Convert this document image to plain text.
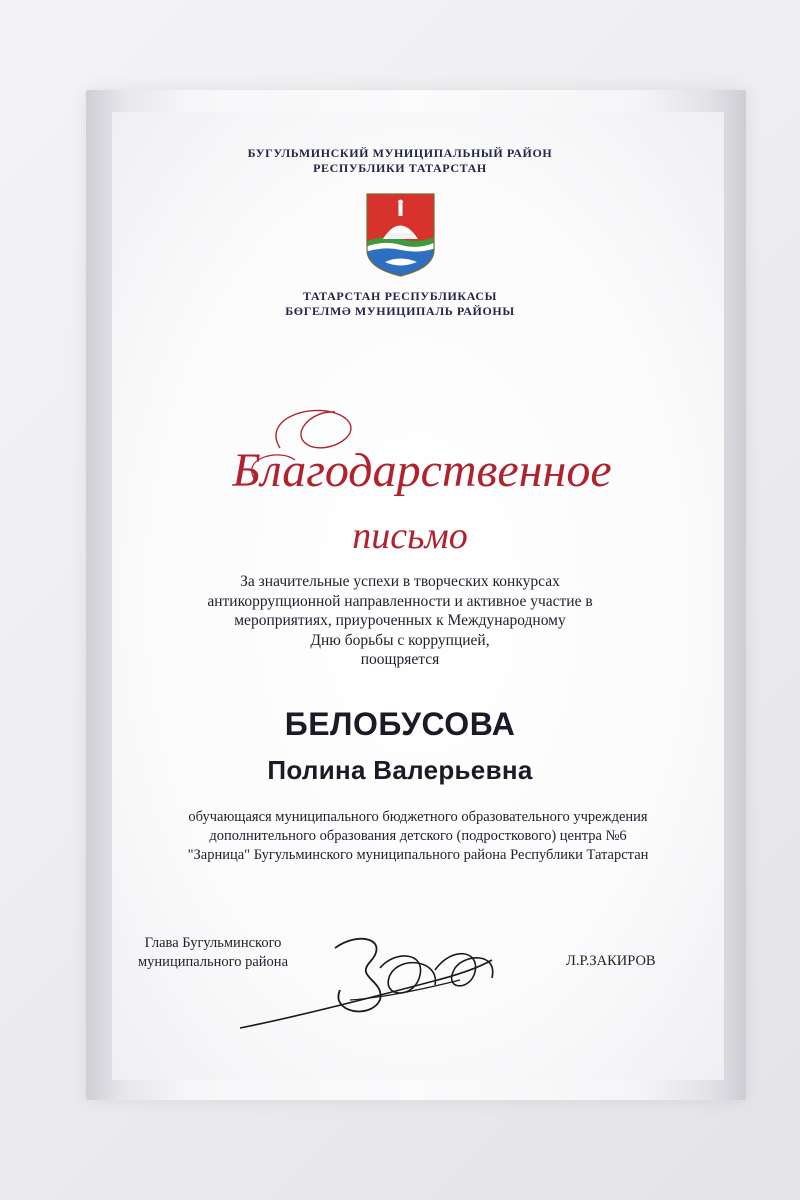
БУГУЛЬМИНСКИЙ МУНИЦИПАЛЬНЫЙ РАЙОН
РЕСПУБЛИКИ ТАТАРСТАН
ТАТАРСТАН РЕСПУБЛИКАСЫ
БӨГЕЛМӘ МУНИЦИПАЛЬ РАЙОНЫ
Благодарственное
письмо
За значительные успехи в творческих конкурсах
антикоррупционной направленности и активное участие в
мероприятиях, приуроченных к Международному
Дню борьбы с коррупцией,
поощряется
БЕЛОБУСОВА
Полина Валерьевна
обучающаяся муниципального бюджетного образовательного учреждения
дополнительного образования детского (подросткового) центра №6
"Зарница" Бугульминского муниципального района Республики Татарстан
Глава Бугульминского
муниципального района	Л.Р.ЗАКИРОВ
